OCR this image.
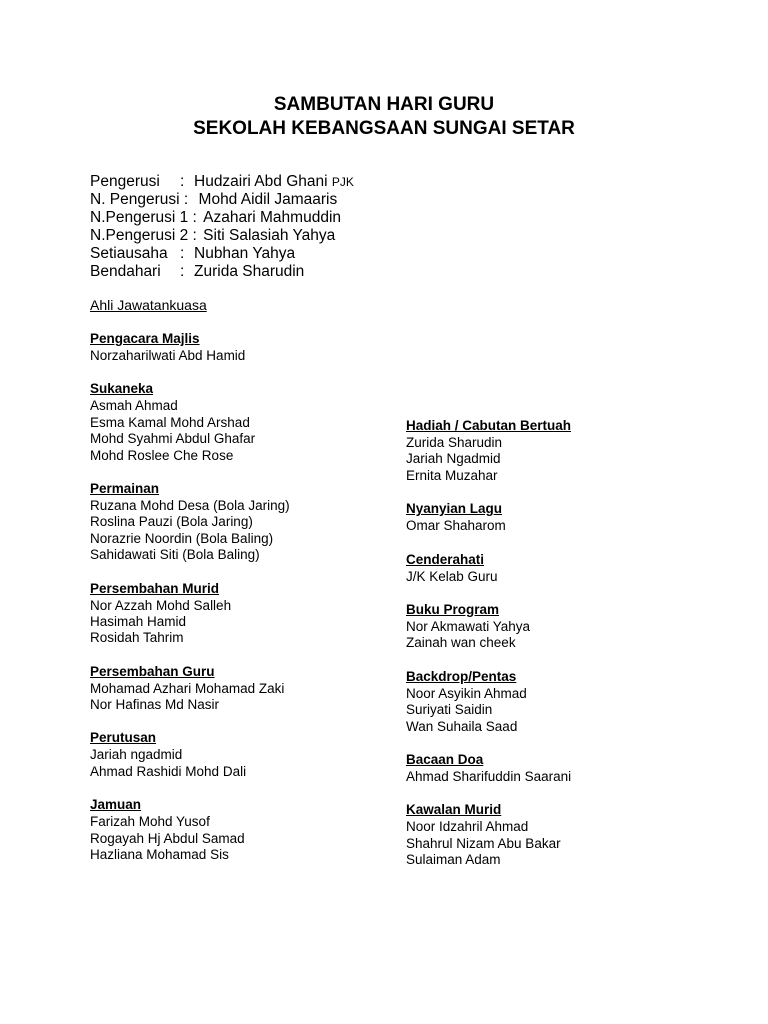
SAMBUTAN HARI GURU
SEKOLAH KEBANGSAAN SUNGAI SETAR
Pengerusi : Hudzairi Abd Ghani PJK
N. Pengerusi : Mohd Aidil Jamaaris
N.Pengerusi 1 : Azahari Mahmuddin
N.Pengerusi 2 : Siti Salasiah Yahya
Setiausaha : Nubhan Yahya
Bendahari : Zurida Sharudin
Ahli Jawatankuasa
Pengacara Majlis
Norzaharilwati Abd Hamid
Sukaneka
Asmah Ahmad
Esma Kamal Mohd Arshad
Mohd Syahmi Abdul Ghafar
Mohd Roslee Che Rose
Permainan
Ruzana Mohd Desa (Bola Jaring)
Roslina Pauzi (Bola Jaring)
Norazrie Noordin (Bola Baling)
Sahidawati Siti (Bola Baling)
Persembahan Murid
Nor Azzah Mohd Salleh
Hasimah Hamid
Rosidah Tahrim
Persembahan Guru
Mohamad Azhari Mohamad Zaki
Nor Hafinas Md Nasir
Perutusan
Jariah ngadmid
Ahmad Rashidi Mohd Dali
Jamuan
Farizah Mohd Yusof
Rogayah Hj Abdul Samad
Hazliana Mohamad Sis
Hadiah / Cabutan Bertuah
Zurida Sharudin
Jariah Ngadmid
Ernita Muzahar
Nyanyian Lagu
Omar Shaharom
Cenderahati
J/K Kelab Guru
Buku Program
Nor Akmawati Yahya
Zainah wan cheek
Backdrop/Pentas
Noor Asyikin Ahmad
Suriyati Saidin
Wan Suhaila Saad
Bacaan Doa
Ahmad Sharifuddin Saarani
Kawalan Murid
Noor Idzahril Ahmad
Shahrul Nizam Abu Bakar
Sulaiman Adam
